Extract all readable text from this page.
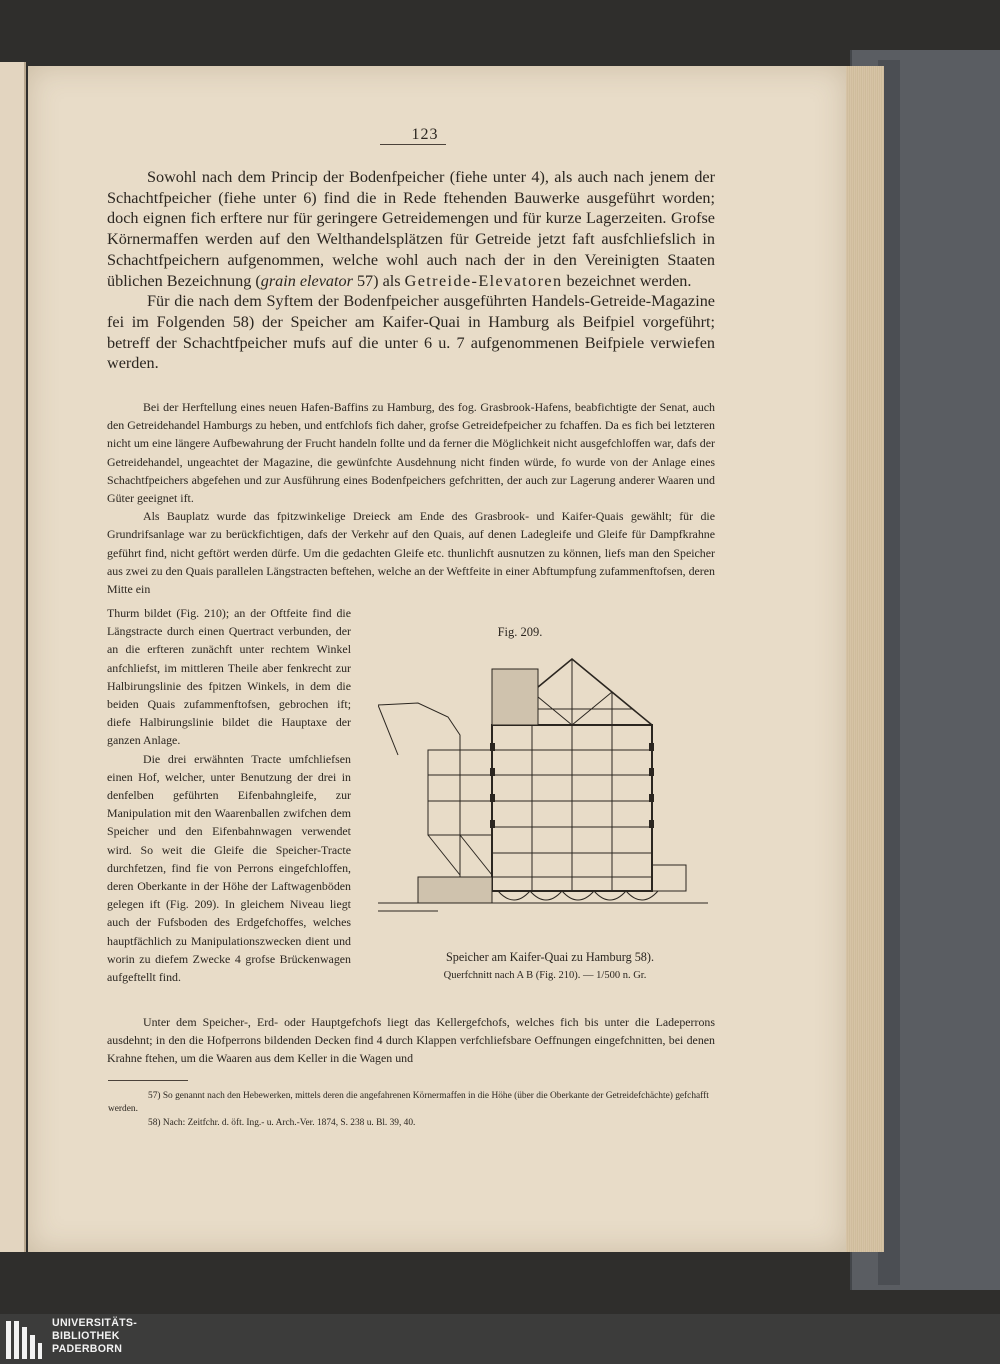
123

Sowohl nach dem Princip der Bodenfpeicher (fiehe unter 4), als auch nach jenem der Schachtfpeicher (fiehe unter 6) find die in Rede ftehenden Bauwerke ausgeführt worden; doch eignen fich erftere nur für geringere Getreidemengen und für kurze Lagerzeiten. Grofse Körnermaffen werden auf den Welthandelsplätzen für Getreide jetzt faft ausfchliefslich in Schachtfpeichern aufgenommen, welche wohl auch nach der in den Vereinigten Staaten üblichen Bezeichnung (grain elevator 57) als Getreide-Elevatoren bezeichnet werden.

Für die nach dem Syftem der Bodenfpeicher ausgeführten Handels-Getreide-Magazine fei im Folgenden 58) der Speicher am Kaifer-Quai in Hamburg als Beifpiel vorgeführt; betreff der Schachtfpeicher mufs auf die unter 6 u. 7 aufgenommenen Beifpiele verwiefen werden.

Bei der Herftellung eines neuen Hafen-Baffins zu Hamburg, des fog. Grasbrook-Hafens, beabfichtigte der Senat, auch den Getreidehandel Hamburgs zu heben, und entfchlofs fich daher, grofse Getreidefpeicher zu fchaffen. Da es fich bei letzteren nicht um eine längere Aufbewahrung der Frucht handeln follte und da ferner die Möglichkeit nicht ausgefchloffen war, dafs der Getreidehandel, ungeachtet der Magazine, die gewünfchte Ausdehnung nicht finden würde, fo wurde von der Anlage eines Schachtfpeichers abgefehen und zur Ausführung eines Bodenfpeichers gefchritten, der auch zur Lagerung anderer Waaren und Güter geeignet ift.

Als Bauplatz wurde das fpitzwinkelige Dreieck am Ende des Grasbrook- und Kaifer-Quais gewählt; für die Grundrifsanlage war zu berückfichtigen, dafs der Verkehr auf den Quais, auf denen Ladegleife und Gleife für Dampfkrahne geführt find, nicht geftört werden dürfe. Um die gedachten Gleife etc. thunlichft ausnutzen zu können, liefs man den Speicher aus zwei zu den Quais parallelen Längstracten beftehen, welche an der Weftfeite in einer Abftumpfung zufammenftofsen, deren Mitte ein

Thurm bildet (Fig. 210); an der Oftfeite find die Längstracte durch einen Quertract verbunden, der an die erfteren zunächft unter rechtem Winkel anfchliefst, im mittleren Theile aber fenkrecht zur Halbirungslinie des fpitzen Winkels, in dem die beiden Quais zufammenftofsen, gebrochen ift; diefe Halbirungslinie bildet die Hauptaxe der ganzen Anlage.

Die drei erwähnten Tracte umfchliefsen einen Hof, welcher, unter Benutzung der drei in denfelben geführten Eifenbahngleife, zur Manipulation mit den Waarenballen zwifchen dem Speicher und den Eifenbahnwagen verwendet wird. So weit die Gleife die Speicher-Tracte durchfetzen, find fie von Perrons eingefchloffen, deren Oberkante in der Höhe der Laftwagenböden gelegen ift (Fig. 209). In gleichem Niveau liegt auch der Fufsboden des Erdgefchoffes, welches hauptfächlich zu Manipulationszwecken dient und worin zu diefem Zwecke 4 grofse Brückenwagen aufgeftellt find.

Unter dem Speicher-, Erd- oder Hauptgefchofs liegt das Kellergefchofs, welches fich bis unter die Ladeperrons ausdehnt; in den die Hofperrons bildenden Decken find 4 durch Klappen verfchliefsbare Oeffnungen eingefchnitten, bei denen Krahne ftehen, um die Waaren aus dem Keller in die Wagen und

Fig. 209.
Speicher am Kaifer-Quai zu Hamburg 58).
Querfchnitt nach A B (Fig. 210). — 1/500 n. Gr.

57) So genannt nach den Hebewerken, mittels deren die angefahrenen Körnermaffen in die Höhe (über die Oberkante der Getreidefchächte) gefchafft werden.

58) Nach: Zeitfchr. d. öft. Ing.- u. Arch.-Ver. 1874, S. 238 u. Bl. 39, 40.

UNIVERSITÄTS-
BIBLIOTHEK
PADERBORN
